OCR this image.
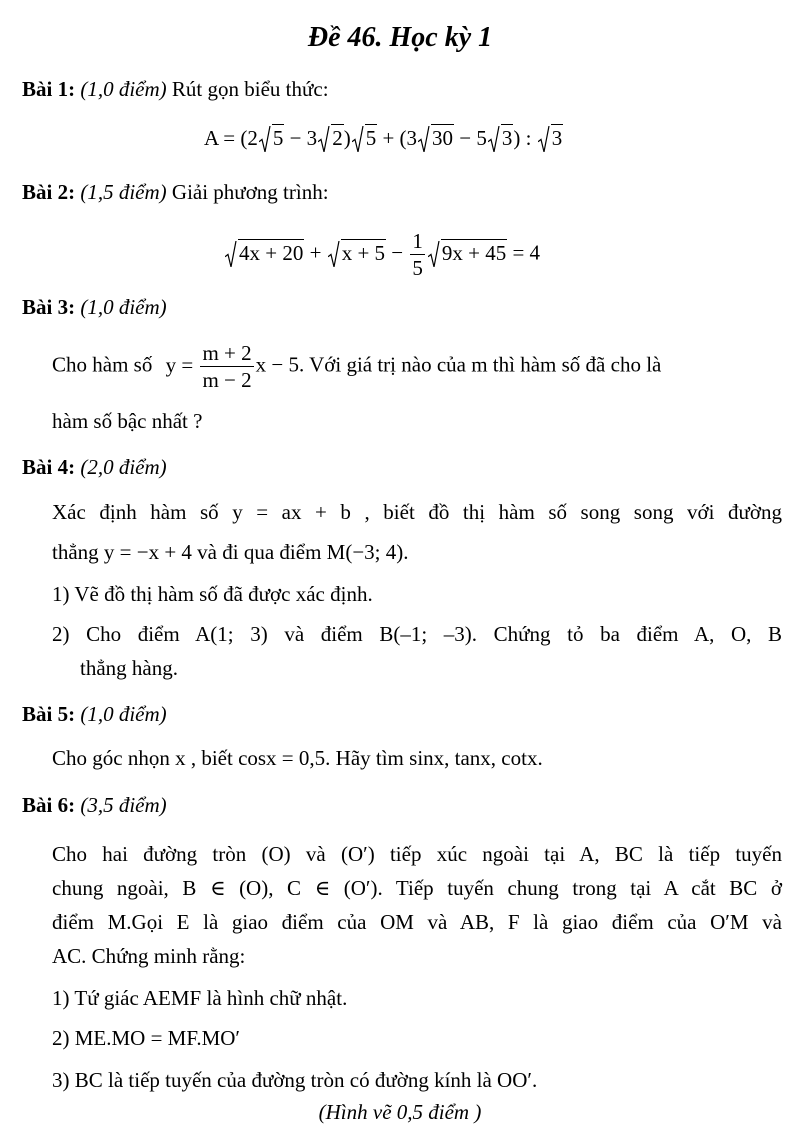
Đề 46. Học kỳ 1
Bài 1: (1,0 điểm) Rút gọn biểu thức:
A = (2 5 − 3 2) 5 + (3 30 − 5 3) : 3
Bài 2: (1,5 điểm) Giải phương trình:
$4x + 20 + x + 5 - \frac{1}{5} 9x + 45 = 4$
Bài 3: (1,0 điểm)
Cho hàm số $y = \frac{m + 2}{m - 2}$ x − 5. Với giá trị nào của m thì hàm số đã cho là
hàm số bậc nhất ?
Bài 4: (2,0 điểm)
Xác định hàm số y = ax + b , biết đồ thị hàm số song song với đường
thẳng y = −x + 4 và đi qua điểm M(−3; 4).
1) Vẽ đồ thị hàm số đã được xác định.
2) Cho điểm A(1; 3) và điểm B(–1; –3). Chứng tỏ ba điểm A, O, B
thẳng hàng.
Bài 5: (1,0 điểm)
Cho góc nhọn x , biết cosx = 0,5. Hãy tìm sinx, tanx, cotx.
Bài 6: (3,5 điểm)
Cho hai đường tròn (O) và (O′) tiếp xúc ngoài tại A, BC là tiếp tuyến
chung ngoài, B ∈ (O), C ∈ (O′). Tiếp tuyến chung trong tại A cắt BC ở
điểm M.Gọi E là giao điểm của OM và AB, F là giao điểm của O′M và
AC. Chứng minh rằng:
1) Tứ giác AEMF là hình chữ nhật.
2) ME.MO = MF.MO′
3) BC là tiếp tuyến của đường tròn có đường kính là OO′.
(Hình vẽ 0,5 điểm )
